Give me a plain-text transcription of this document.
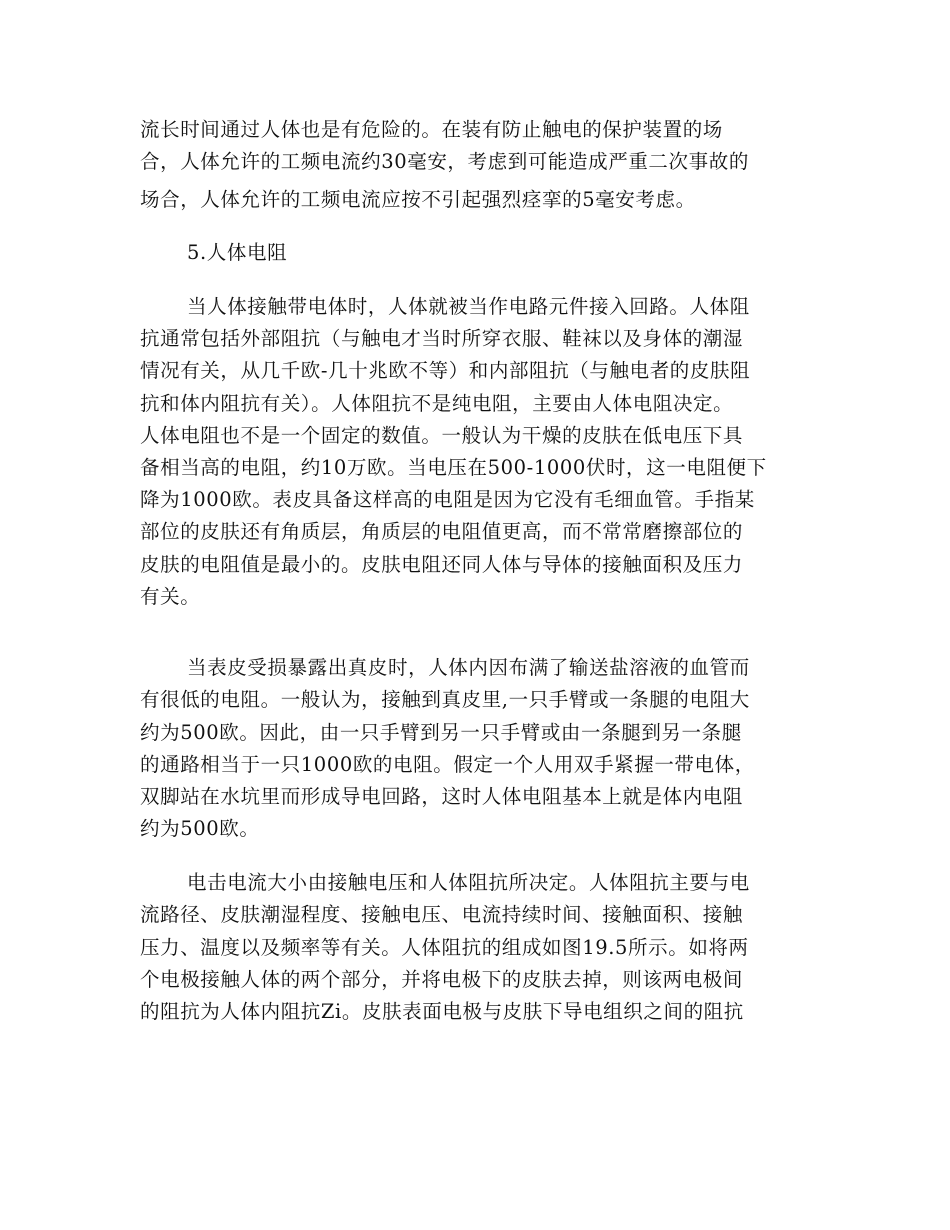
流长时间通过人体也是有危险的。在装有防止触电的保护装置的场

合，人体允许的工频电流约30毫安，考虑到可能造成严重二次事故的

场合，人体允许的工频电流应按不引起强烈痉挛的5毫安考虑。

5.人体电阻

当人体接触带电体时，人体就被当作电路元件接入回路。人体阻

抗通常包括外部阻抗（与触电才当时所穿衣服、鞋袜以及身体的潮湿

情况有关，从几千欧-几十兆欧不等）和内部阻抗（与触电者的皮肤阻

抗和体内阻抗有关）。人体阻抗不是纯电阻，主要由人体电阻决定。

人体电阻也不是一个固定的数值。一般认为干燥的皮肤在低电压下具

备相当高的电阻，约10万欧。当电压在500-1000伏时，这一电阻便下

降为1000欧。表皮具备这样高的电阻是因为它没有毛细血管。手指某

部位的皮肤还有角质层，角质层的电阻值更高，而不常常磨擦部位的

皮肤的电阻值是最小的。皮肤电阻还同人体与导体的接触面积及压力

有关。

当表皮受损暴露出真皮时，人体内因布满了输送盐溶液的血管而

有很低的电阻。一般认为，接触到真皮里,一只手臂或一条腿的电阻大

约为500欧。因此，由一只手臂到另一只手臂或由一条腿到另一条腿

的通路相当于一只1000欧的电阻。假定一个人用双手紧握一带电体，

双脚站在水坑里而形成导电回路，这时人体电阻基本上就是体内电阻

约为500欧。

电击电流大小由接触电压和人体阻抗所决定。人体阻抗主要与电

流路径、皮肤潮湿程度、接触电压、电流持续时间、接触面积、接触

压力、温度以及频率等有关。人体阻抗的组成如图19.5所示。如将两

个电极接触人体的两个部分，并将电极下的皮肤去掉，则该两电极间

的阻抗为人体内阻抗Zi。皮肤表面电极与皮肤下导电组织之间的阻抗
